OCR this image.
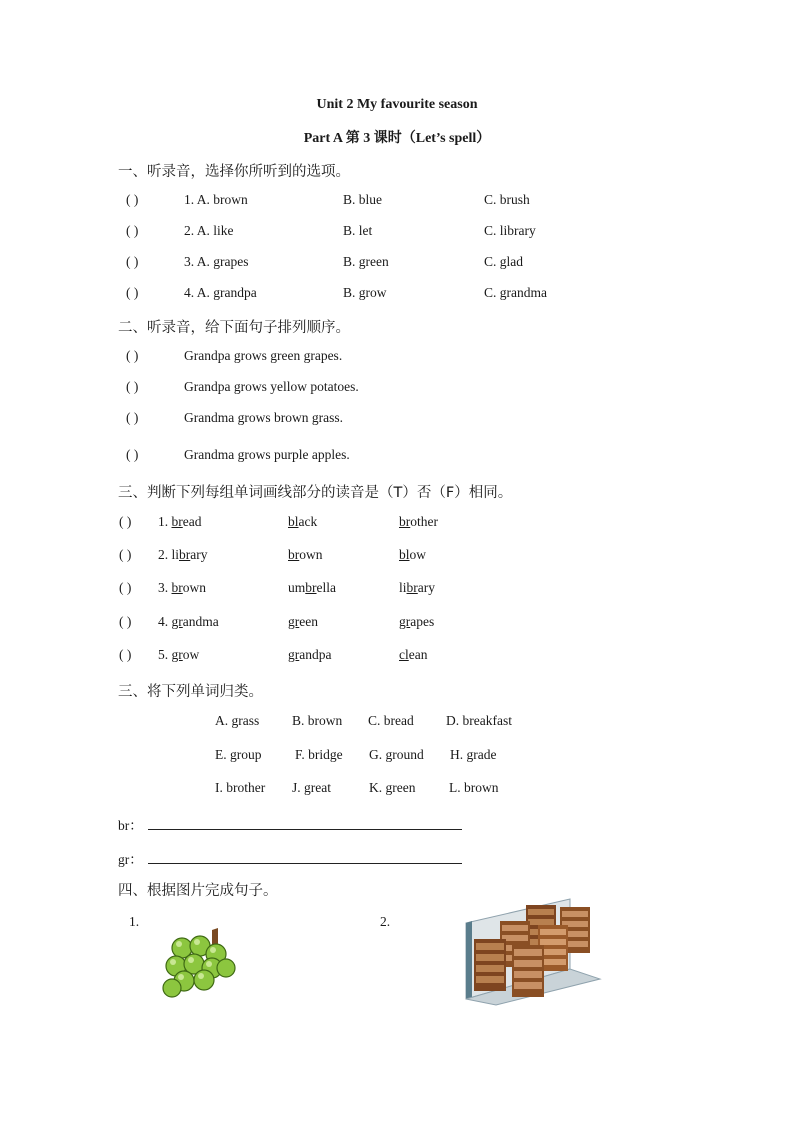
Unit 2 My favourite season
Part A 第 3 课时（Let’s spell）
一、听录音，选择你所听到的选项。
( )	1. A. brown	B. blue	C. brush
( )	2. A. like	B. let	C. library
( )	3. A. grapes	B. green	C. glad
( )	4. A. grandpa	B. grow	C. grandma
二、听录音，给下面句子排列顺序。
( )	Grandpa grows green grapes.
( )	Grandpa grows yellow potatoes.
( )	Grandma grows brown grass.
( )	Grandma grows purple apples.
三、判断下列每组单词画线部分的读音是（T）否（F）相同。
( ) 1. bread	black	brother
( ) 2. library	brown	blow
( ) 3. brown	umbrella	library
( ) 4. grandma	green	grapes
( ) 5. grow	grandpa	clean
三、将下列单词归类。
A. grass B. brown C. bread D. breakfast
E. group F. bridge G. ground H. grade
I. brother J. great	K. green L. brown
br：
gr：
四、根据图片完成句子。
1.	2.
